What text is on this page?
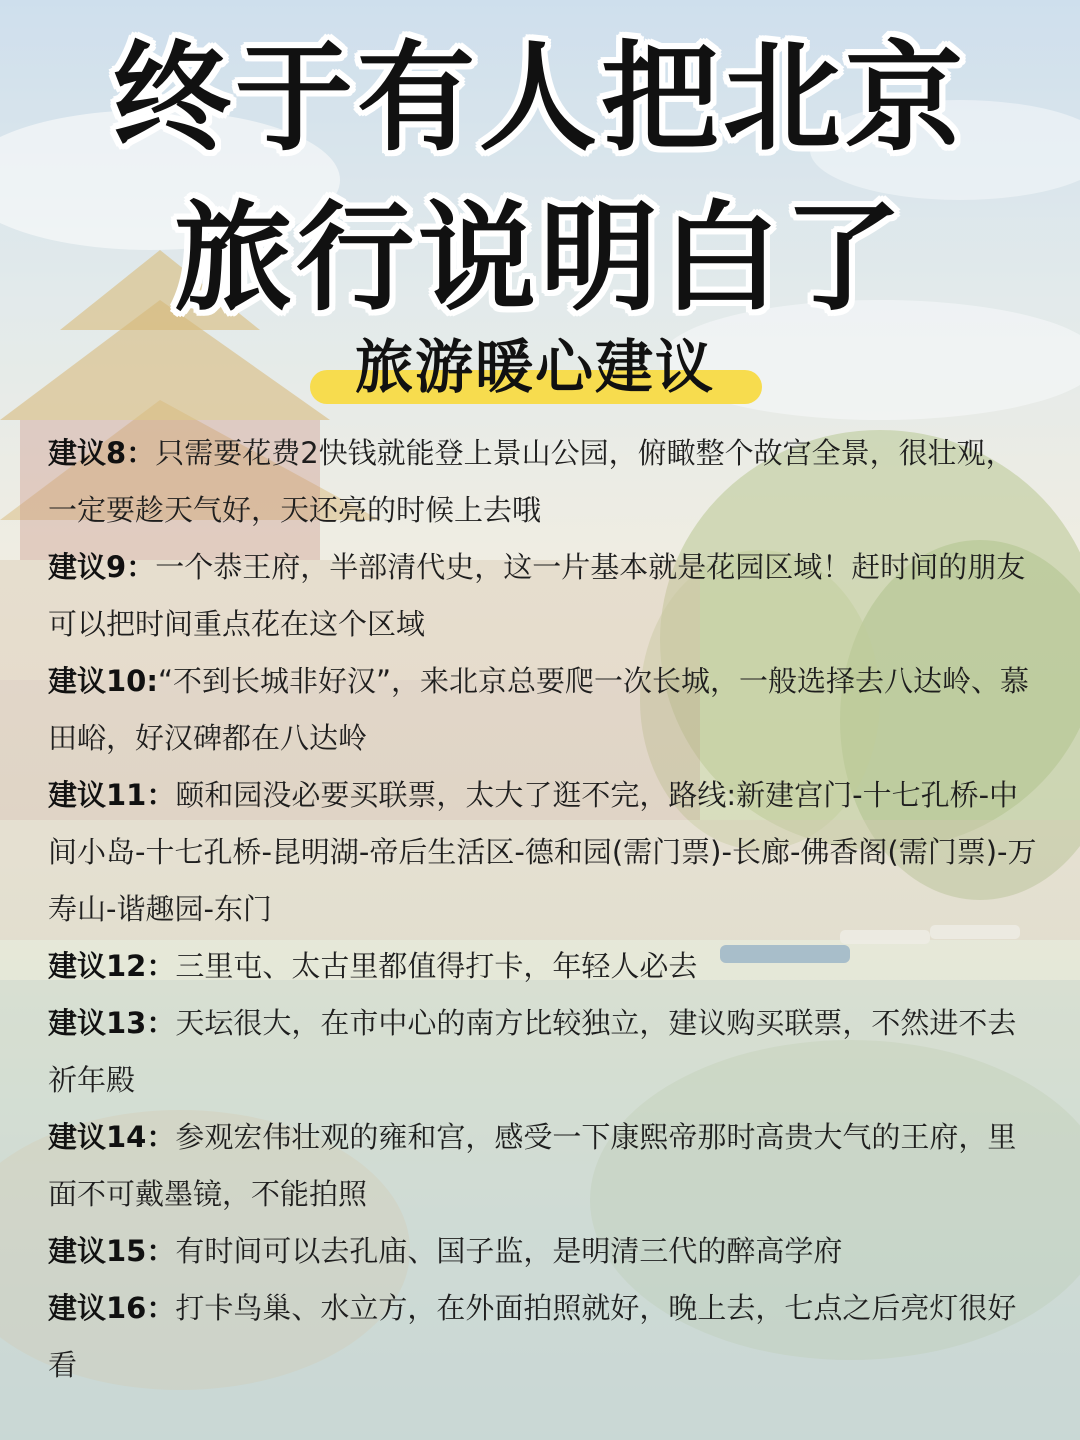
终于有人把北京
旅行说明白了
旅游暖心建议

建议8：只需要花费2快钱就能登上景山公园，俯瞰整个故宫全景，很壮观，一定要趁天气好，天还亮的时候上去哦

建议9：一个恭王府，半部清代史，这一片基本就是花园区域！赶时间的朋友可以把时间重点花在这个区域

建议10:“不到长城非好汉”，来北京总要爬一次长城，一般选择去八达岭、慕田峪，好汉碑都在八达岭

建议11：颐和园没必要买联票，太大了逛不完，路线:新建宫门-十七孔桥-中间小岛-十七孔桥-昆明湖-帝后生活区-德和园(需门票)-长廊-佛香阁(需门票)-万寿山-谐趣园-东门

建议12：三里屯、太古里都值得打卡，年轻人必去

建议13：天坛很大，在市中心的南方比较独立，建议购买联票，不然进不去祈年殿

建议14：参观宏伟壮观的雍和宫，感受一下康熙帝那时高贵大气的王府，里面不可戴墨镜，不能拍照

建议15：有时间可以去孔庙、国子监，是明清三代的醉高学府

建议16：打卡鸟巢、水立方，在外面拍照就好，晚上去，七点之后亮灯很好看
